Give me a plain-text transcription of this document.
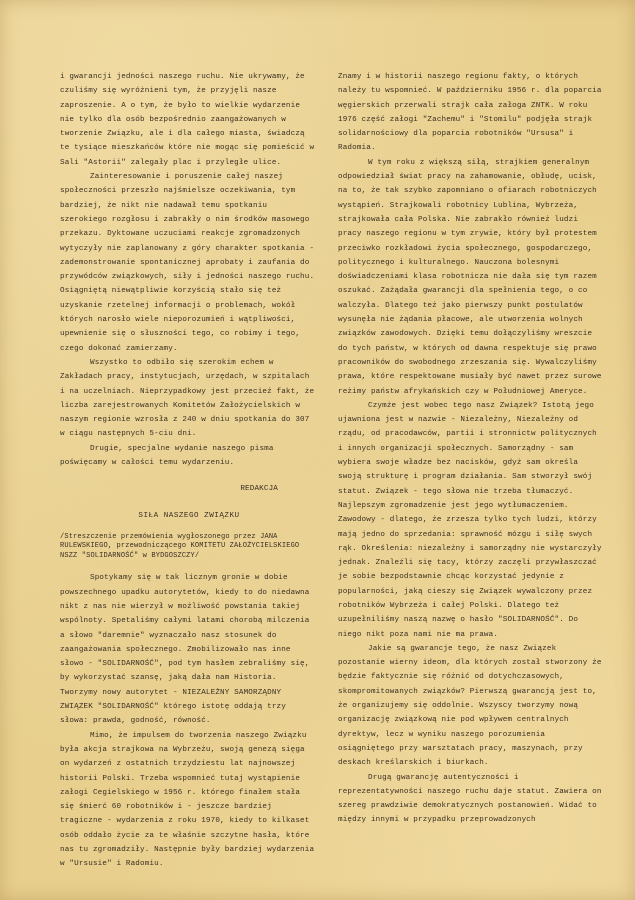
i gwarancji jedności naszego ruchu. Nie ukrywamy, że czuliśmy się wyróżnieni tym, że przyjęli nasze zaproszenie. A o tym, że było to wielkie wydarzenie nie tylko dla osób bezpośrednio zaangażowanych w tworzenie Związku, ale i dla całego miasta, świadczą te tysiące mieszkańców które nie mogąc się pomieścić w Sali "Astorii" zalegały plac i przyległe ulice.

Zainteresowanie i poruszenie całej naszej społeczności przeszło najśmielsze oczekiwania, tym bardziej, że nikt nie nadawał temu spotkaniu szerokiego rozgłosu i zabrakły o nim środków masowego przekazu. Dyktowane uczuciami reakcje zgromadzonych wytyczyły nie zaplanowany z góry charakter spotkania - zademonstrowanie spontanicznej aprobaty i zaufania do przywódców związkowych, siły i jedności naszego ruchu. Osiągniętą niewątpliwie korzyścią stało się też uzyskanie rzetelnej informacji o problemach, wokół których narosło wiele nieporozumień i wątpliwości, upewnienie się o słuszności tego, co robimy i tego, czego dokonać zamierzamy.

Wszystko to odbiło się szerokim echem w Zakładach pracy, instytucjach, urzędach, w szpitalach i na uczelniach. Nieprzypadkowy jest przecież fakt, że liczba zarejestrowanych Komitetów Założycielskich w naszym regionie wzrosła z 240 w dniu spotkania do 307 w ciągu następnych 5-ciu dni.

Drugie, specjalne wydanie naszego pisma poświęcamy w całości temu wydarzeniu.

REDAKCJA

SIŁA NASZEGO ZWIĄZKU

/Streszczenie przemówienia wygłoszonego przez JANA RULEWSKIEGO, przewodniczącego KOMITETU ZAŁOŻYCIELSKIEGO NSZZ "SOLIDARNOŚĆ" w BYDGOSZCZY/

Spotykamy się w tak licznym gronie w dobie powszechnego upadku autorytetów, kiedy to do niedawna nikt z nas nie wierzył w możliwość powstania takiej wspólnoty. Spetaliśmy całymi latami chorobą milczenia a słowo "daremnie" wyznaczało nasz stosunek do zaangażowania społecznego. Zmobilizowało nas inne słowo - "SOLIDARNOŚĆ", pod tym hasłem zebraliśmy się, by wykorzystać szansę, jaką dała nam Historia. Tworzymy nowy autorytet - NIEZALEŻNY SAMORZĄDNY ZWIĄZEK "SOLIDARNOŚĆ" którego istotę oddają trzy słowa: prawda, godność, równość.

Mimo, że impulsem do tworzenia naszego Związku była akcja strajkowa na Wybrzeżu, swoją genezą sięga on wydarzeń z ostatnich trzydziestu lat najnowszej historii Polski. Trzeba wspomnieć tutaj wystąpienie załogi Cegielskiego w 1956 r. którego finałem stała się śmierć 60 robotników i - jeszcze bardziej tragiczne - wydarzenia z roku 1970, kiedy to kilkaset osób oddało życie za te właśnie szczytne hasła, które nas tu zgromadziły. Następnie były bardziej wydarzenia w "Ursusie" i Radomiu.

Znamy i w historii naszego regionu fakty, o których należy tu wspomnieć. W październiku 1956 r. dla poparcia węgierskich przerwali strajk cała załoga ZNTK. W roku 1976 część załogi "Zachemu" i "Stomilu" podjęła strajk solidarnościowy dla poparcia robotników "Ursusa" i Radomia.

W tym roku z większą siłą, strajkiem generalnym odpowiedział świat pracy na zahamowanie, obłudę, ucisk, na to, że tak szybko zapomniano o ofiarach robotniczych wystąpień. Strajkowali robotnicy Lublina, Wybrzeża, strajkowała cała Polska. Nie zabrakło również ludzi pracy naszego regionu w tym zrywie, który był protestem przeciwko rozkładowi życia społecznego, gospodarczego, politycznego i kulturalnego. Nauczona bolesnymi doświadczeniami klasa robotnicza nie dała się tym razem oszukać. Zażądała gwarancji dla spełnienia tego, o co walczyła. Dlatego też jako pierwszy punkt postulatów wysunęła nie żądania płacowe, ale utworzenia wolnych związków zawodowych. Dzięki temu dołączyliśmy wreszcie do tych państw, w których od dawna respektuje się prawo pracowników do swobodnego zrzeszania się. Wywalczyliśmy prawa, które respektowane musiały być nawet przez surowe reżimy państw afrykańskich czy w Południowej Ameryce.

Czymże jest wobec tego nasz Związek? Istotą jego ujawniona jest w nazwie - Niezależny, Niezależny od rządu, od pracodawców, partii i stronnictw politycznych i innych organizacji społecznych. Samorządny - sam wybiera swoje władze bez nacisków, gdyż sam określa swoją strukturę i program działania. Sam stworzył swój statut. Związek - tego słowa nie trzeba tłumaczyć. Najlepszym zgromadzenie jest jego wytłumaczeniem. Zawodowy - dlatego, że zrzesza tylko tych ludzi, którzy mają jedno do sprzedania: sprawność mózgu i siłę swych rąk. Określenia: niezależny i samorządny nie wystarczyły jednak. Znaleźli się tacy, którzy zaczęli przywłaszczać je sobie bezpodstawnie chcąc korzystać jedynie z popularności, jaką cieszy się Związek wywalczony przez robotników Wybrzeża i całej Polski. Dlatego też uzupełniliśmy naszą nazwę o hasło "SOLIDARNOŚĆ". Do niego nikt poza nami nie ma prawa.

Jakie są gwarancje tego, że nasz Związek pozostanie wierny ideom, dla których został stworzony że będzie faktycznie się różnić od dotychczasowych, skompromitowanych związków? Pierwszą gwarancją jest to, że organizujemy się oddolnie. Wszyscy tworzymy nową organizację związkową nie pod wpływem centralnych dyrektyw, lecz w wyniku naszego porozumienia osiągniętego przy warsztatach pracy, maszynach, przy deskach kreślarskich i biurkach.

Drugą gwarancję autentyczności i reprezentatywności naszego ruchu daje statut. Zawiera on szereg prawdziwie demokratycznych postanowień. Widać to między innymi w przypadku przeprowadzonych
